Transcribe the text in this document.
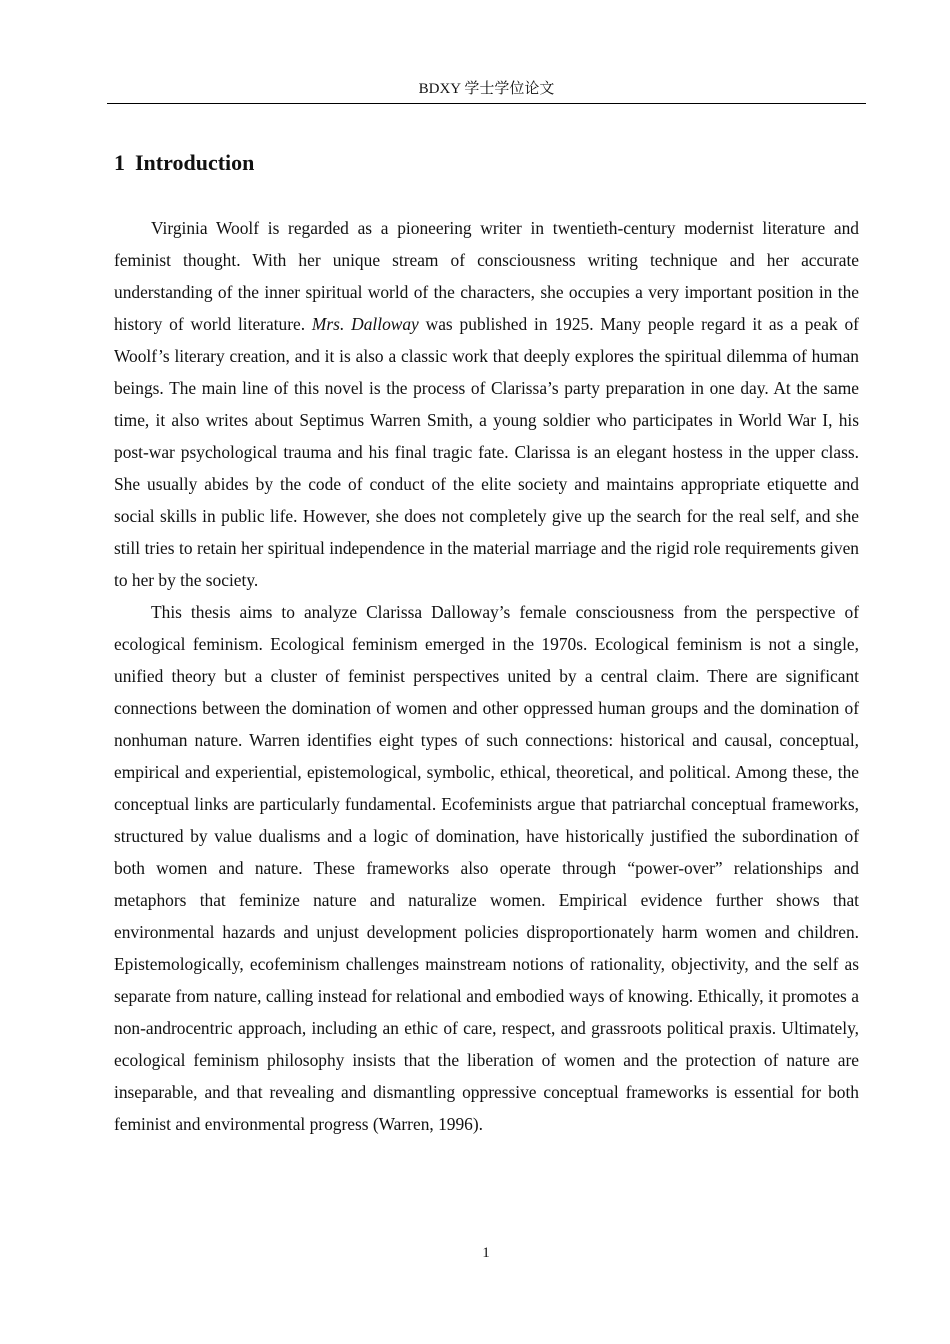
BDXY 学士学位论文
1 Introduction

Virginia Woolf is regarded as a pioneering writer in twentieth-century modernist literature and feminist thought. With her unique stream of consciousness writing technique and her accurate understanding of the inner spiritual world of the characters, she occupies a very important position in the history of world literature. Mrs. Dalloway was published in 1925. Many people regard it as a peak of Woolf’s literary creation, and it is also a classic work that deeply explores the spiritual dilemma of human beings. The main line of this novel is the process of Clarissa’s party preparation in one day. At the same time, it also writes about Septimus Warren Smith, a young soldier who participates in World War I, his post-war psychological trauma and his final tragic fate. Clarissa is an elegant hostess in the upper class. She usually abides by the code of conduct of the elite society and maintains appropriate etiquette and social skills in public life. However, she does not completely give up the search for the real self, and she still tries to retain her spiritual independence in the material marriage and the rigid role requirements given to her by the society.

This thesis aims to analyze Clarissa Dalloway’s female consciousness from the perspective of ecological feminism. Ecological feminism emerged in the 1970s. Ecological feminism is not a single, unified theory but a cluster of feminist perspectives united by a central claim. There are significant connections between the domination of women and other oppressed human groups and the domination of nonhuman nature. Warren identifies eight types of such connections: historical and causal, conceptual, empirical and experiential, epistemological, symbolic, ethical, theoretical, and political. Among these, the conceptual links are particularly fundamental. Ecofeminists argue that patriarchal conceptual frameworks, structured by value dualisms and a logic of domination, have historically justified the subordination of both women and nature. These frameworks also operate through “power-over” relationships and metaphors that feminize nature and naturalize women. Empirical evidence further shows that environmental hazards and unjust development policies disproportionately harm women and children. Epistemologically, ecofeminism challenges mainstream notions of rationality, objectivity, and the self as separate from nature, calling instead for relational and embodied ways of knowing. Ethically, it promotes a non-androcentric approach, including an ethic of care, respect, and grassroots political praxis. Ultimately, ecological feminism philosophy insists that the liberation of women and the protection of nature are inseparable, and that revealing and dismantling oppressive conceptual frameworks is essential for both feminist and environmental progress (Warren, 1996).

1
